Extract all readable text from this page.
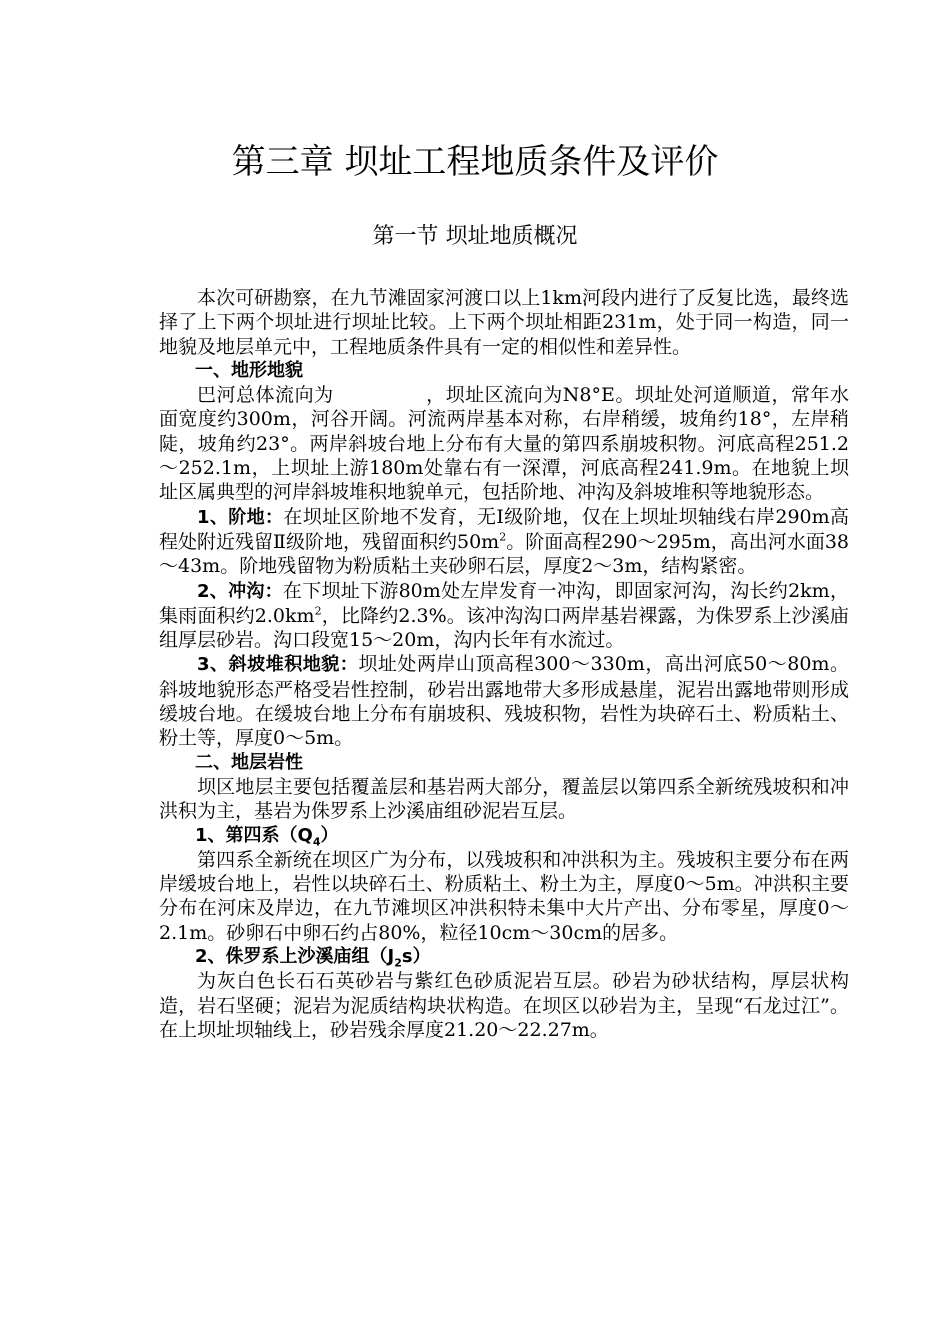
第三章 坝址工程地质条件及评价
第一节 坝址地质概况

本次可研勘察，在九节滩固家河渡口以上1km河段内进行了反复比选，最终选择了上下两个坝址进行坝址比较。上下两个坝址相距231m，处于同一构造，同一地貌及地层单元中，工程地质条件具有一定的相似性和差异性。

一、地形地貌

巴河总体流向为	，坝址区流向为N8°E。坝址处河道顺道，常年水面宽度约300m，河谷开阔。河流两岸基本对称，右岸稍缓，坡角约18°，左岸稍陡，坡角约23°。两岸斜坡台地上分布有大量的第四系崩坡积物。河底高程251.2～252.1m，上坝址上游180m处靠右有一深潭，河底高程241.9m。在地貌上坝址区属典型的河岸斜坡堆积地貌单元，包括阶地、冲沟及斜坡堆积等地貌形态。

1、阶地：在坝址区阶地不发育，无Ⅰ级阶地，仅在上坝址坝轴线右岸290m高程处附近残留Ⅱ级阶地，残留面积约$50m^2$。阶面高程290～295m，高出河水面38～43m。阶地残留物为粉质粘土夹砂卵石层，厚度2～3m，结构紧密。

2、冲沟：在下坝址下游80m处左岸发育一冲沟，即固家河沟，沟长约2km，集雨面积约$2.0km^2$，比降约2.3%。该冲沟沟口两岸基岩裸露，为侏罗系上沙溪庙组厚层砂岩。沟口段宽15～20m，沟内长年有水流过。

3、斜坡堆积地貌：坝址处两岸山顶高程300～330m，高出河底50～80m。斜坡地貌形态严格受岩性控制，砂岩出露地带大多形成悬崖，泥岩出露地带则形成缓坡台地。在缓坡台地上分布有崩坡积、残坡积物，岩性为块碎石土、粉质粘土、粉土等，厚度0～5m。

二、地层岩性

坝区地层主要包括覆盖层和基岩两大部分，覆盖层以第四系全新统残坡积和冲洪积为主，基岩为侏罗系上沙溪庙组砂泥岩互层。

1、第四系$(Q_4)$

第四系全新统在坝区广为分布，以残坡积和冲洪积为主。残坡积主要分布在两岸缓坡台地上，岩性以块碎石土、粉质粘土、粉土为主，厚度0～5m。冲洪积主要分布在河床及岸边，在九节滩坝区冲洪积特未集中大片产出、分布零星，厚度0～2.1m。砂卵石中卵石约占80%，粒径10cm～30cm的居多。

2、侏罗系上沙溪庙组$(J_2s)$

为灰白色长石石英砂岩与紫红色砂质泥岩互层。砂岩为砂状结构，厚层状构造，岩石坚硬；泥岩为泥质结构块状构造。在坝区以砂岩为主，呈现“石龙过江”。在上坝址坝轴线上，砂岩残余厚度21.20～22.27m。
